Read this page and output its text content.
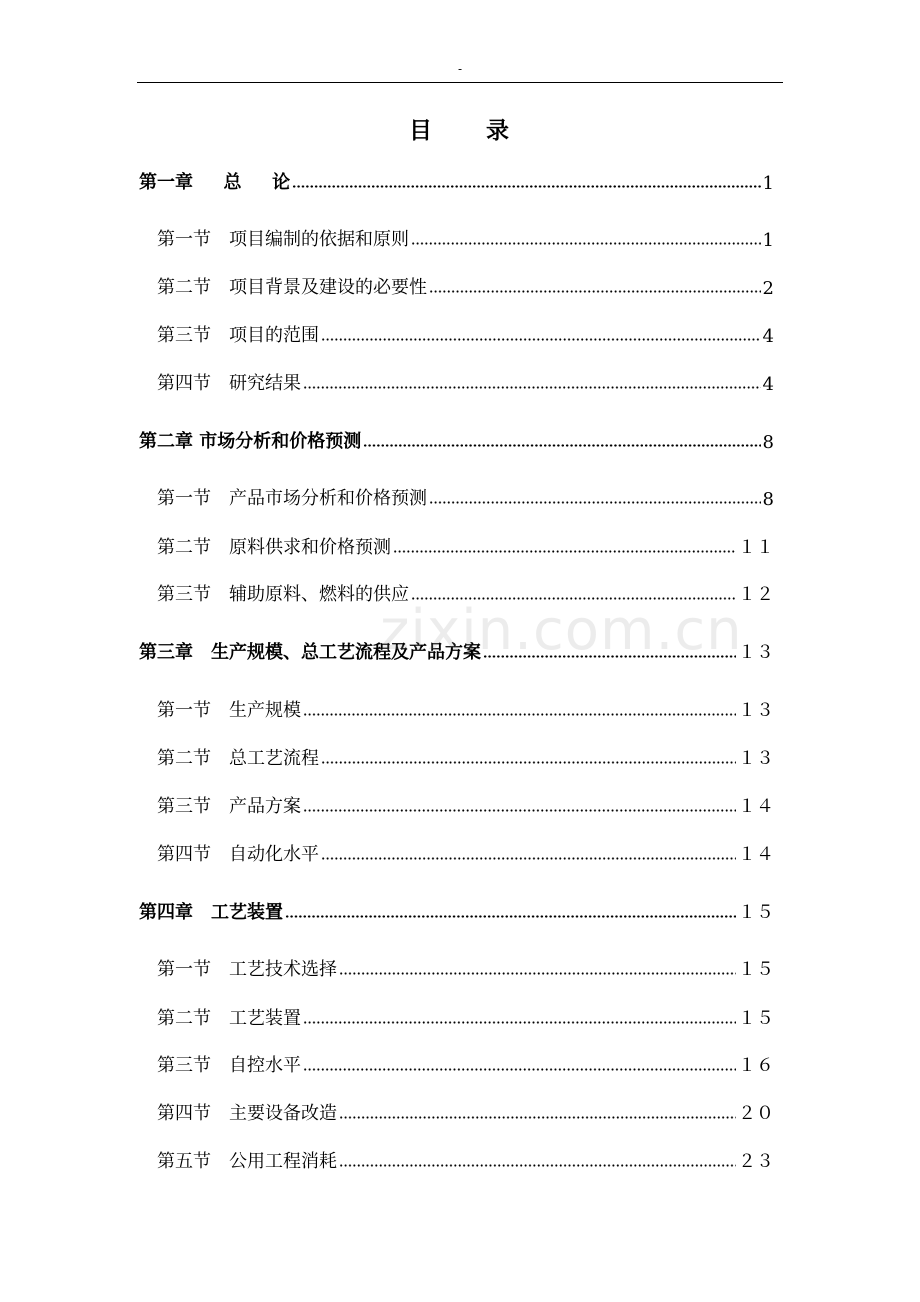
-
目 录
第一章　  总　  论	1
第一节　项目编制的依据和原则	1
第二节　项目背景及建设的必要性	2
第三节　项目的范围	4
第四节　研究结果	4
第二章 市场分析和价格预测	8
第一节　产品市场分析和价格预测	8
第二节　原料供求和价格预测	１１
第三节　辅助原料、燃料的供应	１２
第三章　生产规模、总工艺流程及产品方案	１３
第一节　生产规模	１３
第二节　总工艺流程	１３
第三节　产品方案	１４
第四节　自动化水平	１４
第四章　工艺装置	１５
第一节　工艺技术选择	１５
第二节　工艺装置	１５
第三节　自控水平	１６
第四节　主要设备改造	２０
第五节　公用工程消耗	２３
zixin.com.cn
